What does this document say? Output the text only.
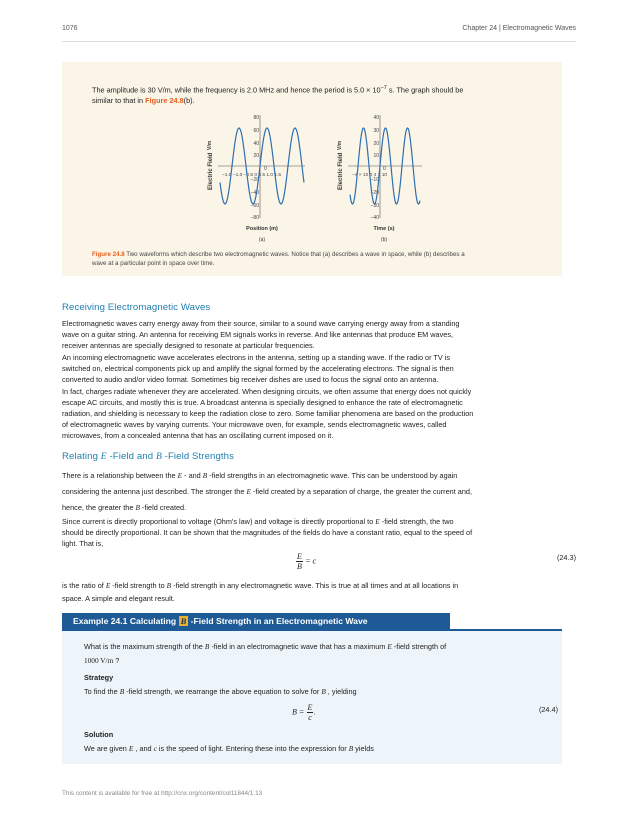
1076	Chapter 24 | Electromagnetic Waves
The amplitude is 30 V/m, while the frequency is 2.0 MHz and hence the period is $5.0 \times 10^{-7}$ s. The graph should be
similar to that in Figure 24.8(b).
Electric Field
V/m
80
60
40
20
0
−20
−40
−60
−80
−1.5 −1.0 −0.5 0 0.5 1.0 1.5
Position (m)
(a)
Electric Field
V/m
40
30
20
10
0
−10
−20
−30
−40
−4 × 10 0 4 × 10
Time (s)
(b)
Figure 24.8 Two waveforms which describe two electromagnetic waves. Notice that (a) describes a wave in space, while (b) describes a
wave at a particular point in space over time.
Receiving Electromagnetic Waves
Electromagnetic waves carry energy away from their source, similar to a sound wave carrying energy away from a standing
wave on a guitar string. An antenna for receiving EM signals works in reverse. And like antennas that produce EM waves,
receiver antennas are specially designed to resonate at particular frequencies.
An incoming electromagnetic wave accelerates electrons in the antenna, setting up a standing wave. If the radio or TV is
switched on, electrical components pick up and amplify the signal formed by the accelerating electrons. The signal is then
converted to audio and/or video format. Sometimes big receiver dishes are used to focus the signal onto an antenna.
In fact, charges radiate whenever they are accelerated. When designing circuits, we often assume that energy does not quickly
escape AC circuits, and mostly this is true. A broadcast antenna is specially designed to enhance the rate of electromagnetic
radiation, and shielding is necessary to keep the radiation close to zero. Some familiar phenomena are based on the production
of electromagnetic waves by varying currents. Your microwave oven, for example, sends electromagnetic waves, called
microwaves, from a concealed antenna that has an oscillating current imposed on it.
Relating E -Field and B -Field Strengths
There is a relationship between the E - and B -field strengths in an electromagnetic wave. This can be understood by again
considering the antenna just described. The stronger the E -field created by a separation of charge, the greater the current and,
hence, the greater the B -field created.
Since current is directly proportional to voltage (Ohm's law) and voltage is directly proportional to E -field strength, the two
should be directly proportional. It can be shown that the magnitudes of the fields do have a constant ratio, equal to the speed of
light. That is,
$\frac{E}{B} = c$	(24.3)
is the ratio of E -field strength to B -field strength in any electromagnetic wave. This is true at all times and at all locations in
space. A simple and elegant result.
Example 24.1 Calculating B -Field Strength in an Electromagnetic Wave
What is the maximum strength of the B -field in an electromagnetic wave that has a maximum E -field strength of
1000 V/m ?
Strategy
To find the B -field strength, we rearrange the above equation to solve for B , yielding
$B = \frac{E}{c}$ .	(24.4)
Solution
We are given E , and c is the speed of light. Entering these into the expression for B yields
This content is available for free at http://cnx.org/content/col11844/1.13
